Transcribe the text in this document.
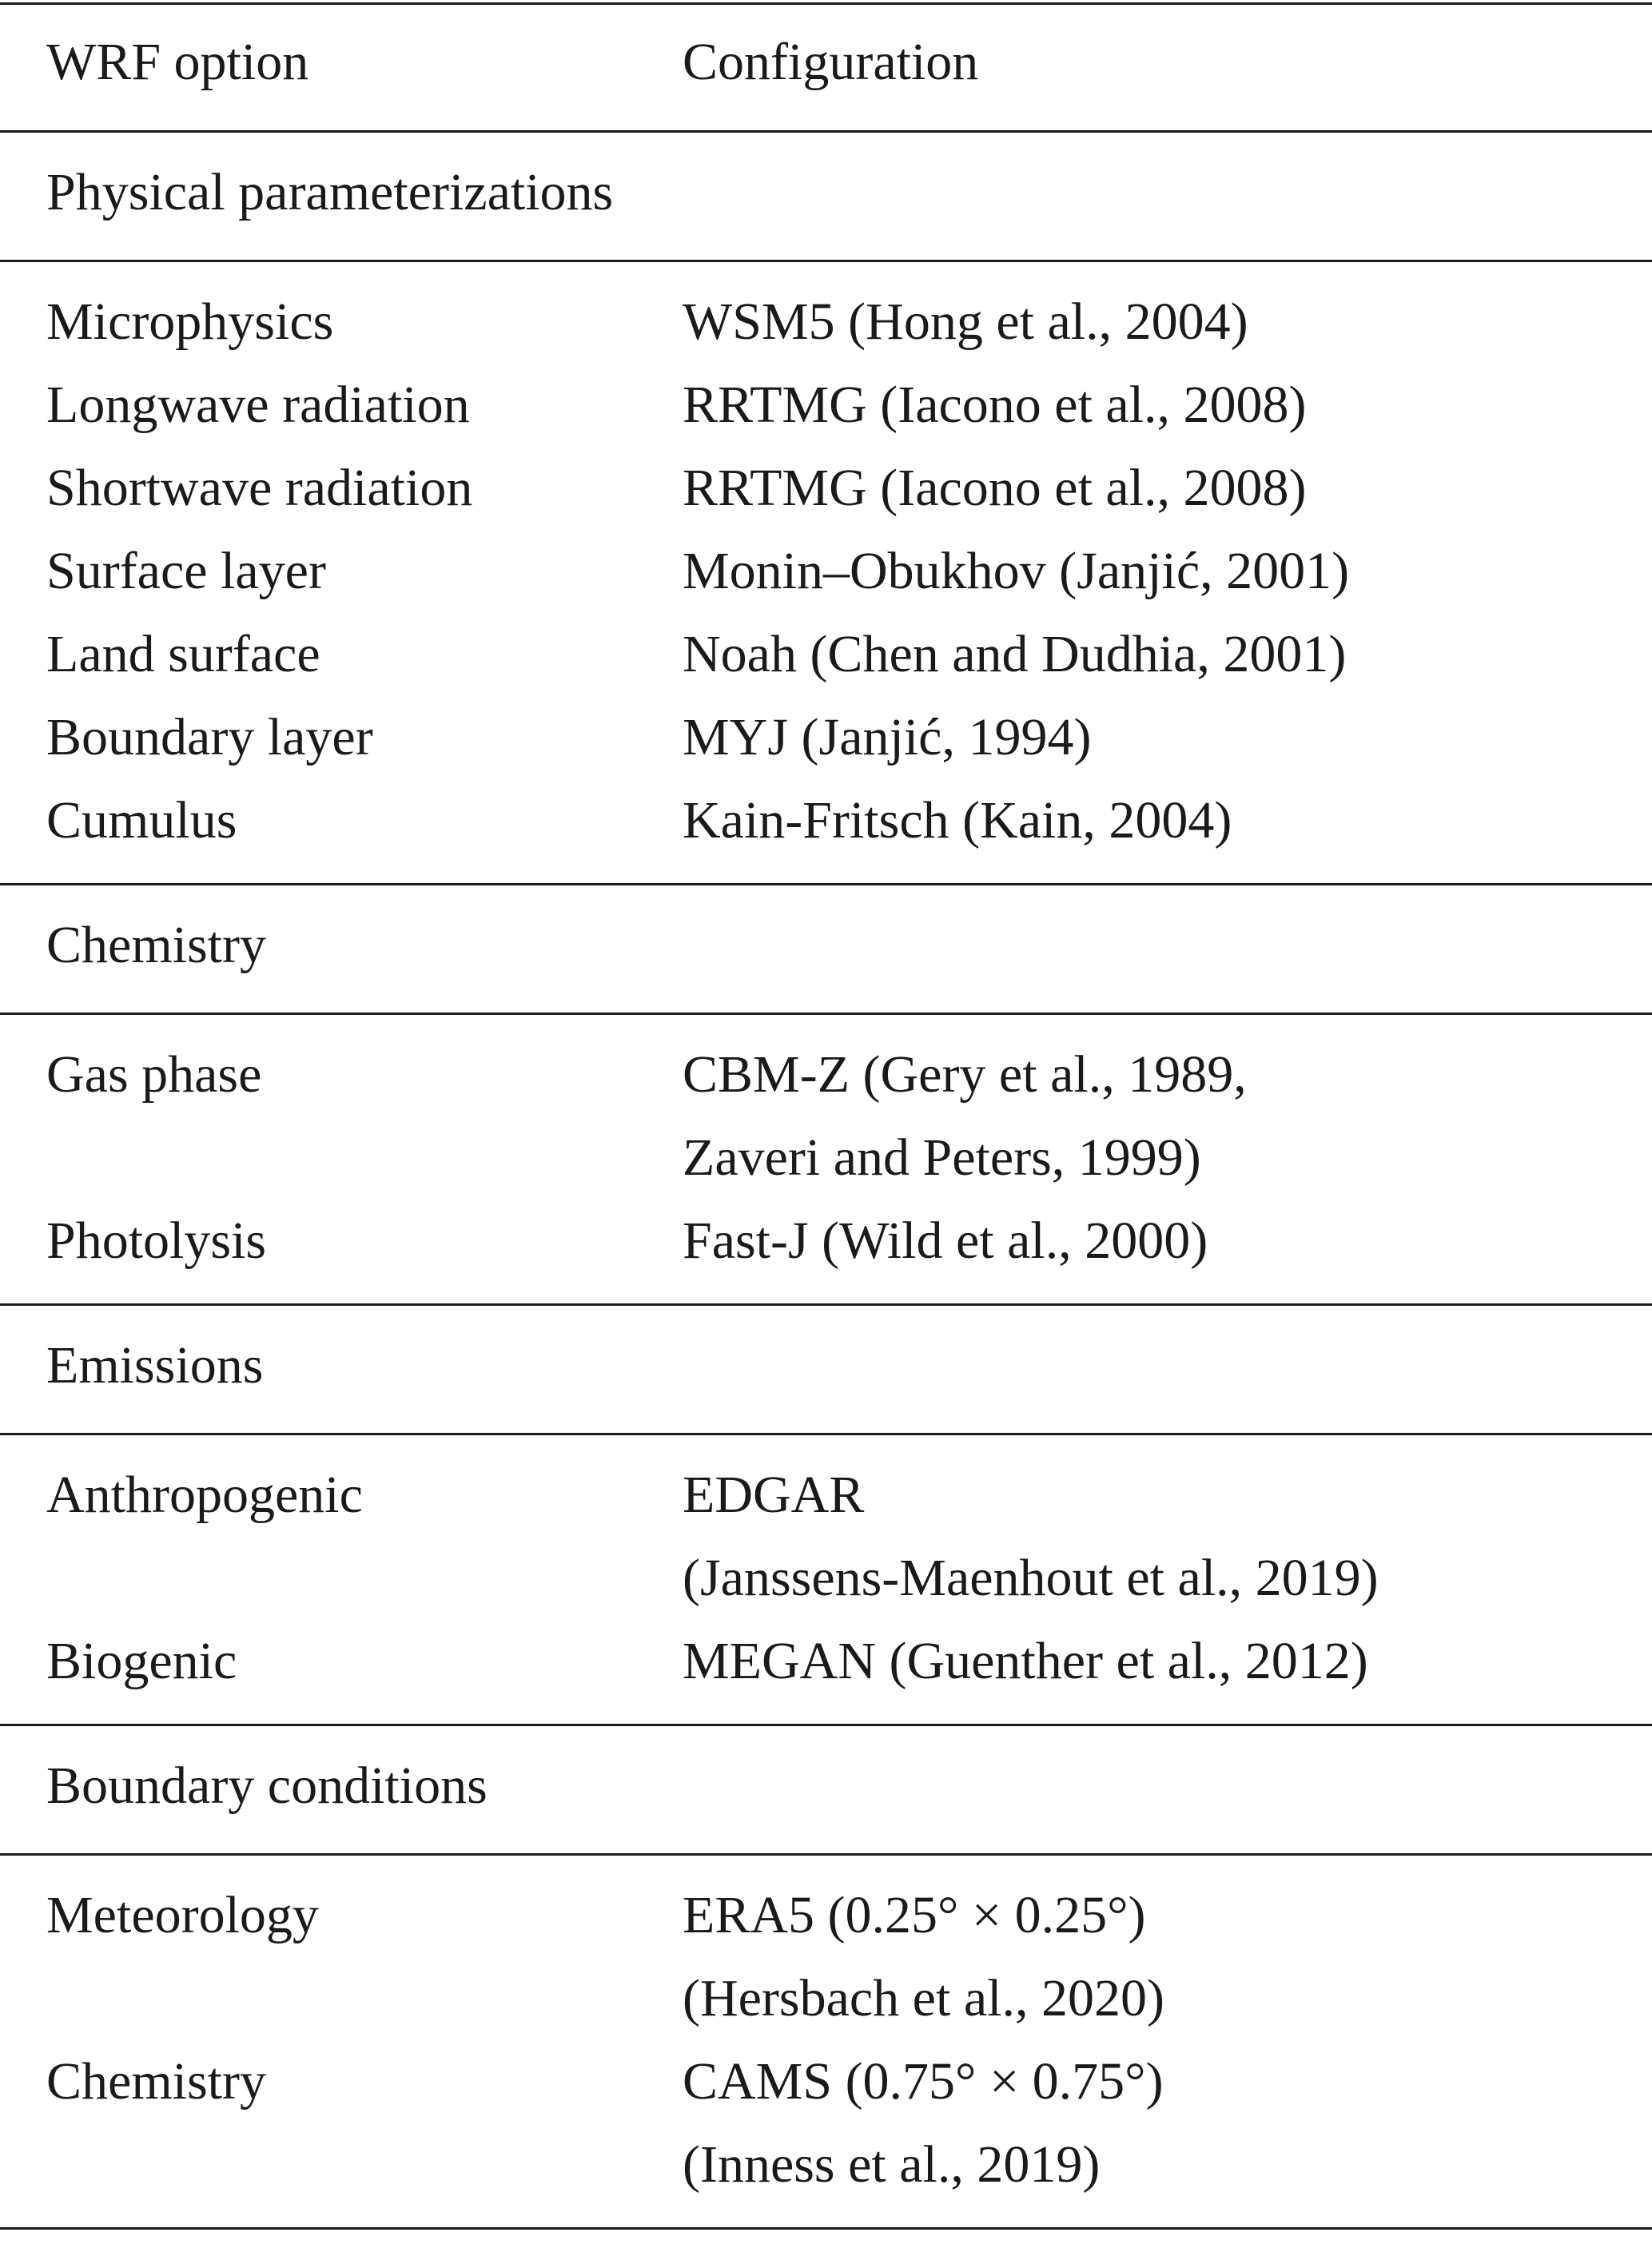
WRF option	Configuration
Physical parameterizations
Microphysics	WSM5 (Hong et al., 2004)
Longwave radiation	RRTMG (Iacono et al., 2008)
Shortwave radiation	RRTMG (Iacono et al., 2008)
Surface layer	Monin–Obukhov (Janjić, 2001)
Land surface	Noah (Chen and Dudhia, 2001)
Boundary layer	MYJ (Janjić, 1994)
Cumulus	Kain-Fritsch (Kain, 2004)
Chemistry
Gas phase	CBM-Z (Gery et al., 1989,
Zaveri and Peters, 1999)
Photolysis	Fast-J (Wild et al., 2000)
Emissions
Anthropogenic	EDGAR
(Janssens-Maenhout et al., 2019)
Biogenic	MEGAN (Guenther et al., 2012)
Boundary conditions
Meteorology	ERA5 (0.25° × 0.25°)
(Hersbach et al., 2020)
Chemistry	CAMS (0.75° × 0.75°)
(Inness et al., 2019)
